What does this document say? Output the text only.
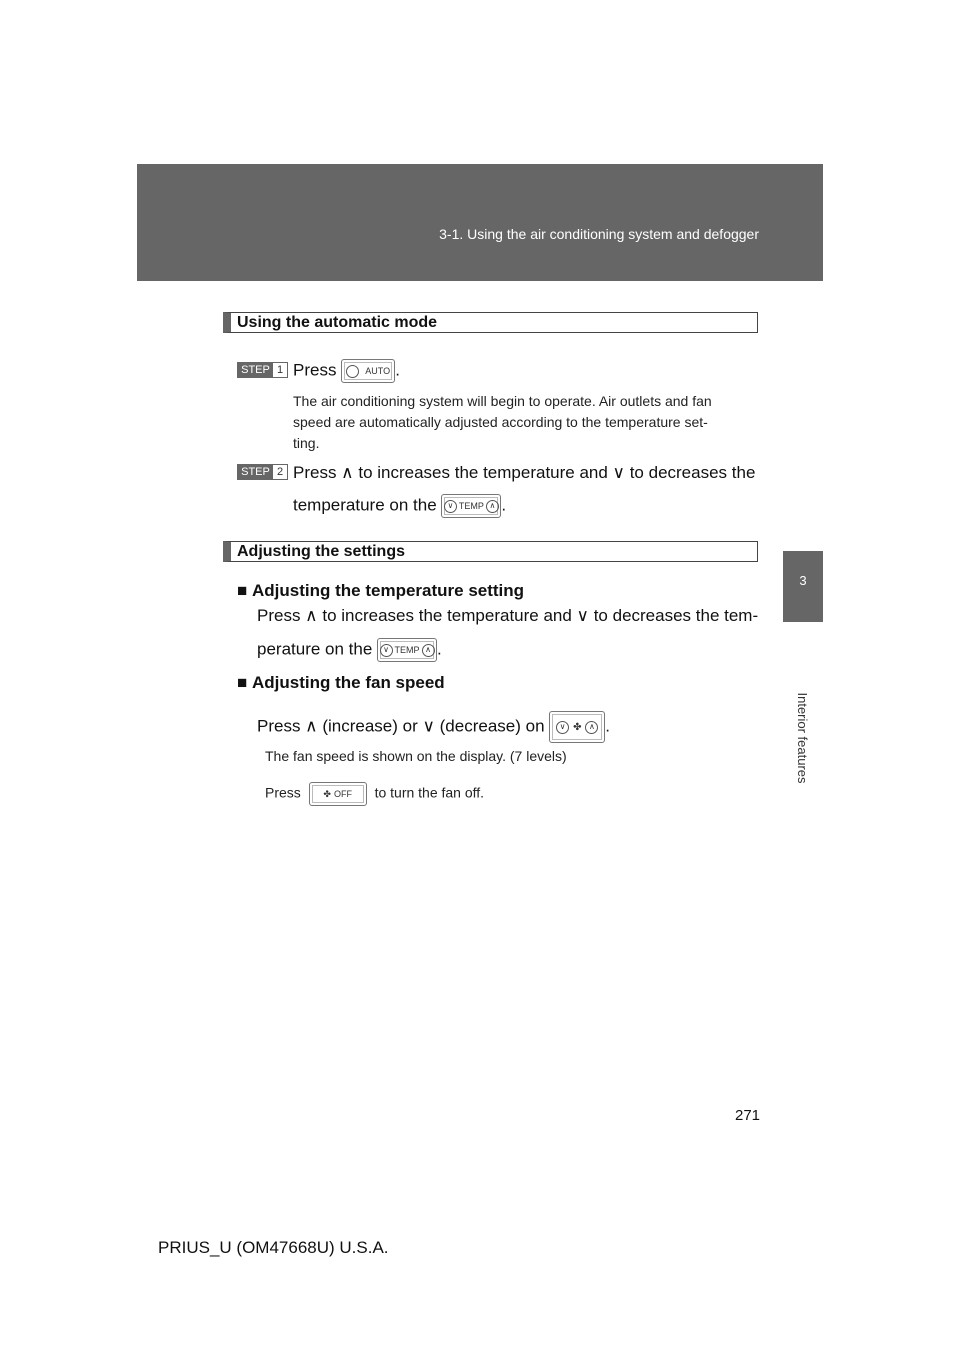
3-1. Using the air conditioning system and defogger
3
Interior features
Using the automatic mode
STEP 1 Press	AUTO .
The air conditioning system will begin to operate. Air outlets and fan
speed are automatically adjusted according to the temperature set-
ting.
STEP 2 Press ∧ to increases the temperature and ∨ to decreases the
temperature on the	∨ TEMP ∧ .
Adjusting the settings
■ Adjusting the temperature setting
Press ∧ to increases the temperature and ∨ to decreases the tem-
perature on the	∨ TEMP ∧ .
■ Adjusting the fan speed
Press ∧ (increase) or ∨ (decrease) on	∨ ✤ ∧ .
The fan speed is shown on the display. (7 levels)
Press	✤ OFF to turn the fan off.
271
PRIUS_U (OM47668U) U.S.A.
